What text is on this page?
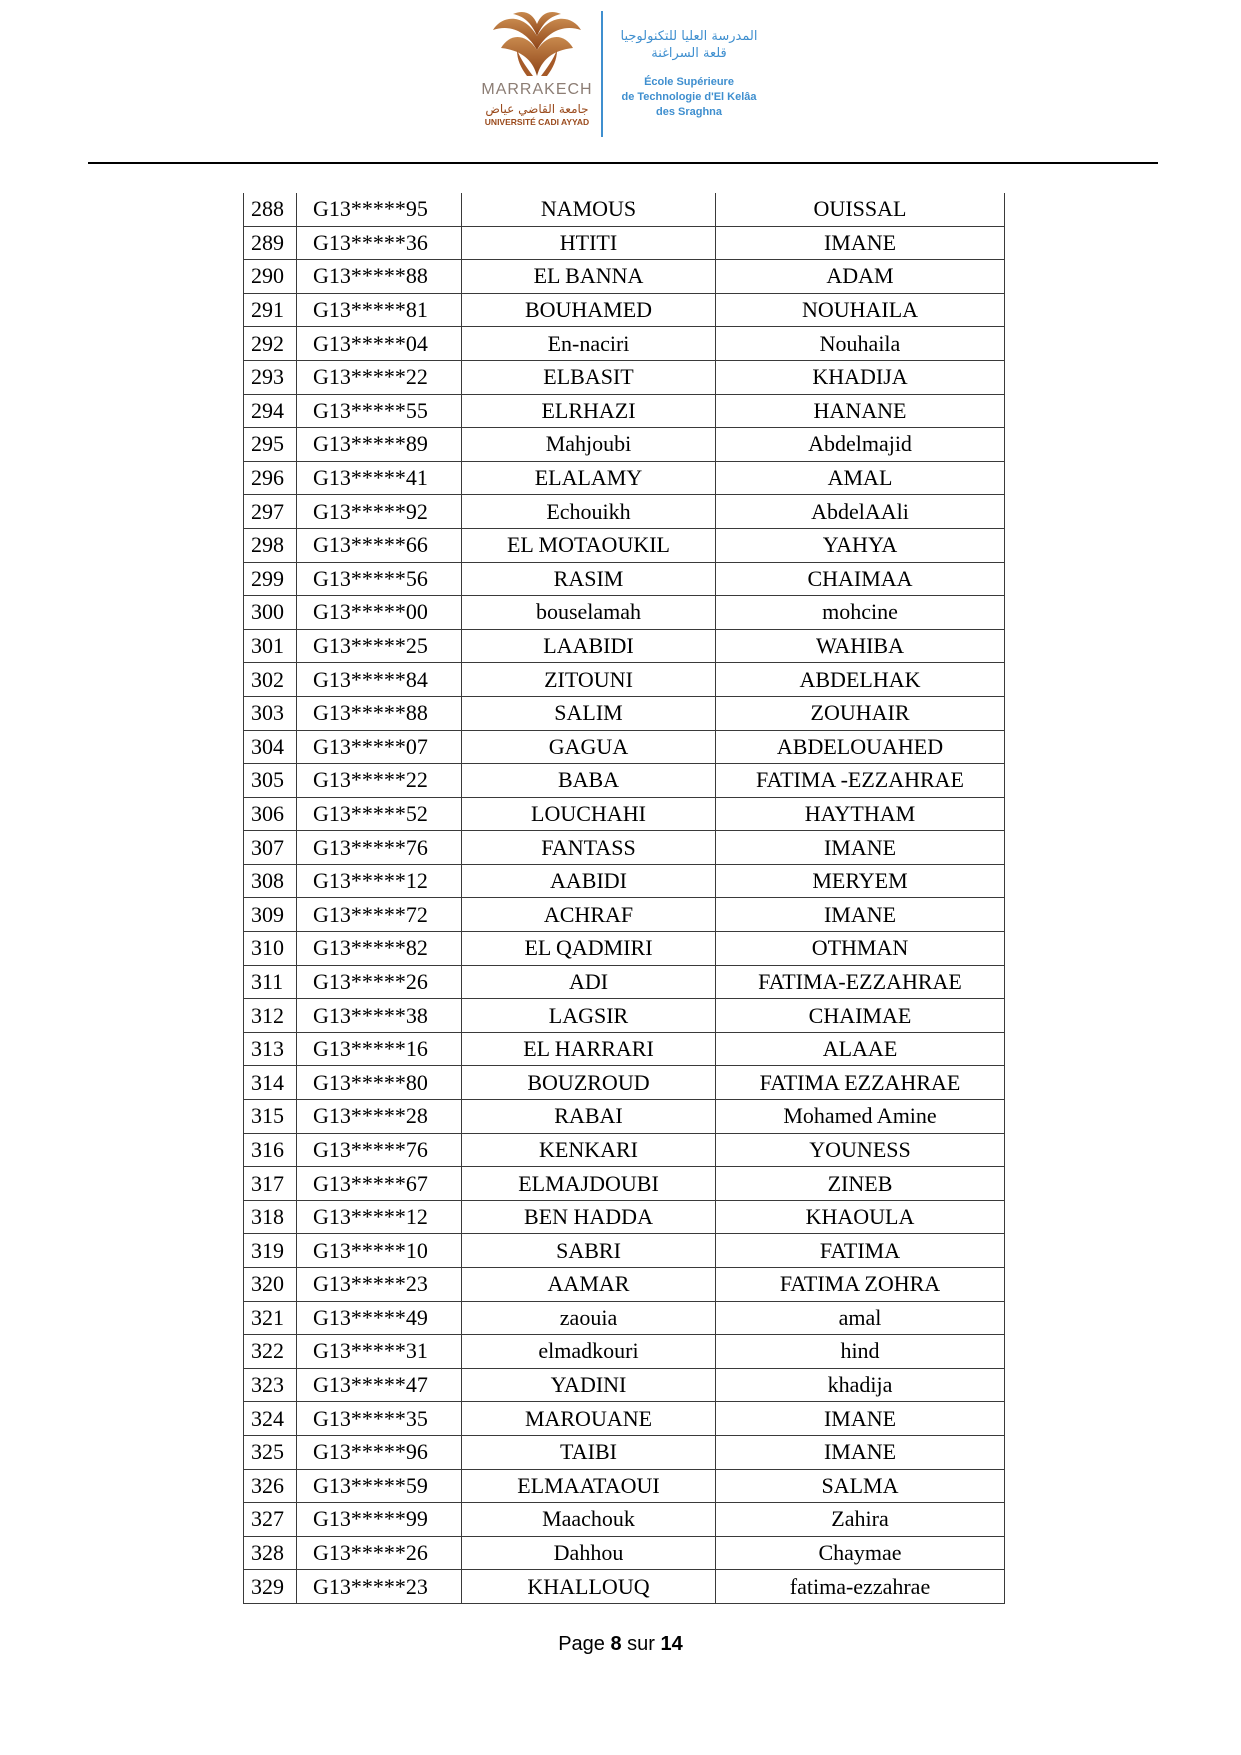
MARRAKECH
جامعة القاضي عياض
UNIVERSITÉ CADI AYYAD
المدرسة العليا للتكنولوجيا
قلعة السراغنة
École Supérieure
de Technologie d'El Kelâa
des Sraghna
288	G13*****95	NAMOUS	OUISSAL
289	G13*****36	HTITI	IMANE
290	G13*****88	EL BANNA	ADAM
291	G13*****81	BOUHAMED	NOUHAILA
292	G13*****04	En-naciri	Nouhaila
293	G13*****22	ELBASIT	KHADIJA
294	G13*****55	ELRHAZI	HANANE
295	G13*****89	Mahjoubi	Abdelmajid
296	G13*****41	ELALAMY	AMAL
297	G13*****92	Echouikh	AbdelAAli
298	G13*****66	EL MOTAOUKIL	YAHYA
299	G13*****56	RASIM	CHAIMAA
300	G13*****00	bouselamah	mohcine
301	G13*****25	LAABIDI	WAHIBA
302	G13*****84	ZITOUNI	ABDELHAK
303	G13*****88	SALIM	ZOUHAIR
304	G13*****07	GAGUA	ABDELOUAHED
305	G13*****22	BABA	FATIMA -EZZAHRAE
306	G13*****52	LOUCHAHI	HAYTHAM
307	G13*****76	FANTASS	IMANE
308	G13*****12	AABIDI	MERYEM
309	G13*****72	ACHRAF	IMANE
310	G13*****82	EL QADMIRI	OTHMAN
311	G13*****26	ADI	FATIMA-EZZAHRAE
312	G13*****38	LAGSIR	CHAIMAE
313	G13*****16	EL HARRARI	ALAAE
314	G13*****80	BOUZROUD	FATIMA EZZAHRAE
315	G13*****28	RABAI	Mohamed Amine
316	G13*****76	KENKARI	YOUNESS
317	G13*****67	ELMAJDOUBI	ZINEB
318	G13*****12	BEN HADDA	KHAOULA
319	G13*****10	SABRI	FATIMA
320	G13*****23	AAMAR	FATIMA ZOHRA
321	G13*****49	zaouia	amal
322	G13*****31	elmadkouri	hind
323	G13*****47	YADINI	khadija
324	G13*****35	MAROUANE	IMANE
325	G13*****96	TAIBI	IMANE
326	G13*****59	ELMAATAOUI	SALMA
327	G13*****99	Maachouk	Zahira
328	G13*****26	Dahhou	Chaymae
329	G13*****23	KHALLOUQ	fatima-ezzahrae
Page 8 sur 14
